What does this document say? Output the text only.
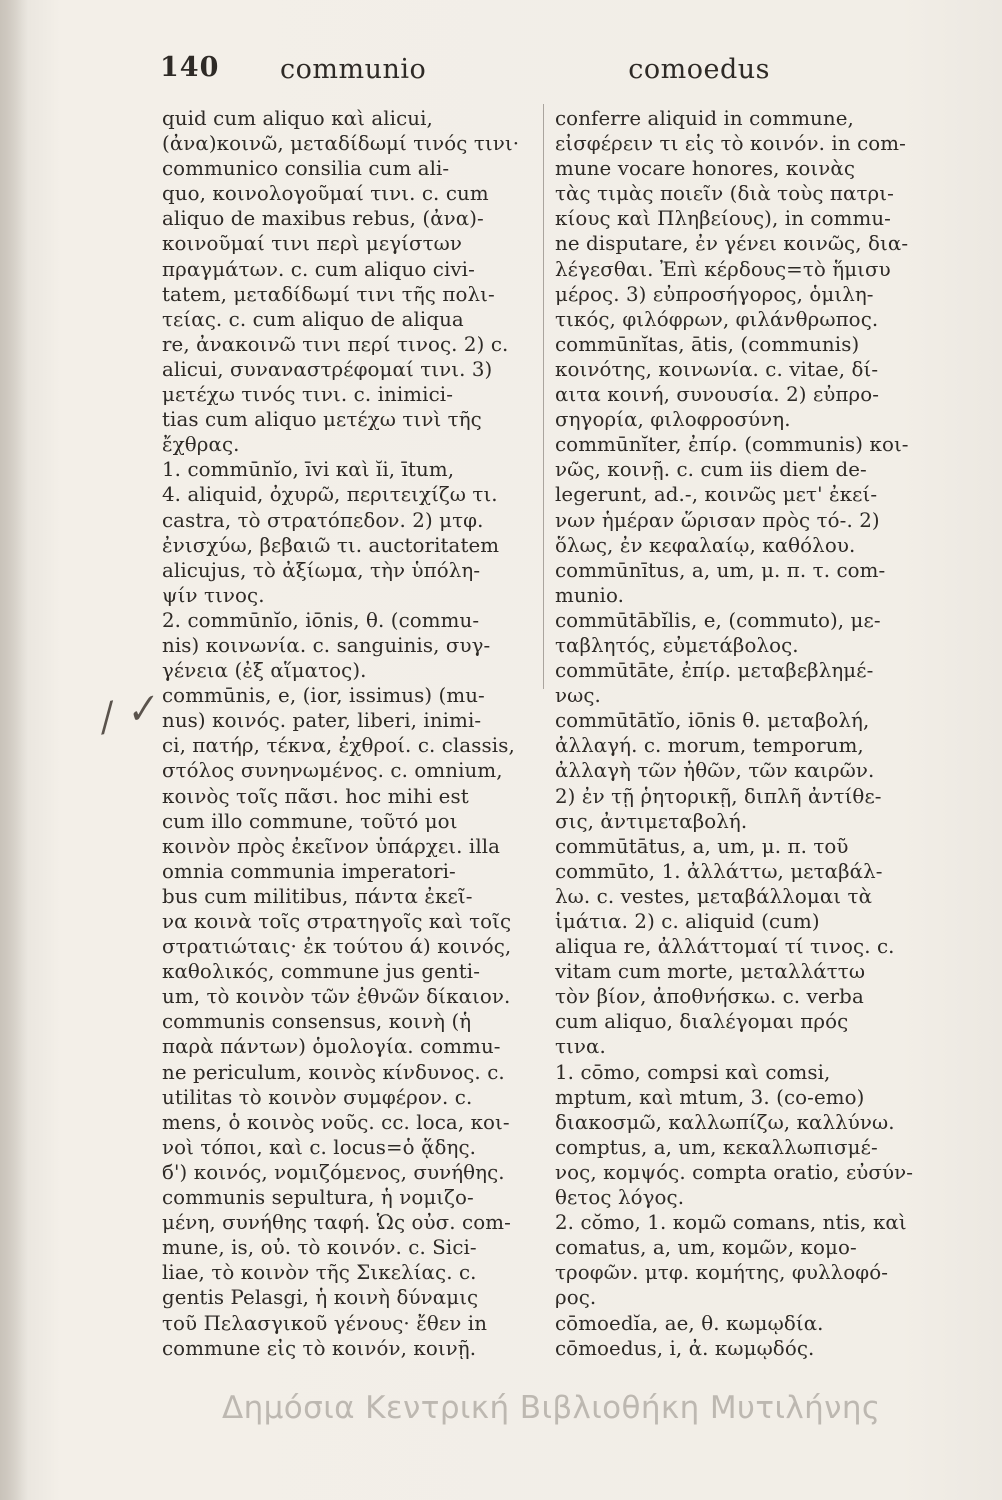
140 communio	comoedus
/ ✓
quid cum aliquo καὶ alicui,
(ἀνα)κοινῶ, μεταδίδωμί τινός τινι·
communico consilia cum ali-
quo, κοινολογοῦμαί τινι. c. cum
aliquo de maxibus rebus, (ἀνα)-
κοινοῦμαί τινι περὶ μεγίστων
πραγμάτων. c. cum aliquo civi-
tatem, μεταδίδωμί τινι τῆς πολι-
τείας. c. cum aliquo de aliqua
re, ἀνακοινῶ τινι περί τινος. 2) c.
alicui, συναναστρέφομαί τινι. 3)
μετέχω τινός τινι. c. inimici-
tias cum aliquo μετέχω τινὶ τῆς
ἔχθρας.
1. commūnĭo, īvi καὶ ĭi, ītum,
4. aliquid, ὀχυρῶ, περιτειχίζω τι.
castra, τὸ στρατόπεδον. 2) μτφ.
ἐνισχύω, βεβαιῶ τι. auctoritatem
alicujus, τὸ ἀξίωμα, τὴν ὑπόλη-
ψίν τινος.
2. commūnĭo, iōnis, θ. (commu-
nis) κοινωνία. c. sanguinis, συγ-
γένεια (ἐξ αἵματος).
commūnis, e, (ior, issimus) (mu-
nus) κοινός. pater, liberi, inimi-
ci, πατήρ, τέκνα, ἐχθροί. c. classis,
στόλος συνηνωμένος. c. omnium,
κοινὸς τοῖς πᾶσι. hoc mihi est
cum illo commune, τοῦτό μοι
κοινὸν πρὸς ἐκεῖνον ὑπάρχει. illa
omnia communia imperatori-
bus cum militibus, πάντα ἐκεῖ-
να κοινὰ τοῖς στρατηγοῖς καὶ τοῖς
στρατιώταις· ἐκ τούτου ά) κοινός,
καθολικός, commune jus genti-
um, τὸ κοινὸν τῶν ἐθνῶν δίκαιον.
communis consensus, κοινὴ (ἡ
παρὰ πάντων) ὁμολογία. commu-
ne periculum, κοινὸς κίνδυνος. c.
utilitas τὸ κοινὸν συμφέρον. c.
mens, ὁ κοινὸς νοῦς. cc. loca, κοι-
νοὶ τόποι, καὶ c. locus=ὁ ᾅδης.
б') κοινός, νομιζόμενος, συνήθης.
communis sepultura, ἡ νομιζο-
μένη, συνήθης ταφή. Ὡς οὐσ. com-
mune, is, οὐ. τὸ κοινόν. c. Sici-
liae, τὸ κοινὸν τῆς Σικελίας. c.
gentis Pelasgi, ἡ κοινὴ δύναμις
τοῦ Πελασγικοῦ γένους· ἔθεν in
commune εἰς τὸ κοινόν, κοινῇ.
conferre aliquid in commune,
εἰσφέρειν τι εἰς τὸ κοινόν. in com-
mune vocare honores, κοινὰς
τὰς τιμὰς ποιεῖν (διὰ τοὺς πατρι-
κίους καὶ Πληβείους), in commu-
ne disputare, ἐν γένει κοινῶς, δια-
λέγεσθαι. Ἐπὶ κέρδους=τὸ ἥμισυ
μέρος. 3) εὐπροσήγορος, ὁμιλη-
τικός, φιλόφρων, φιλάνθρωπος.
commūnĭtas, ātis, (communis)
κοινότης, κοινωνία. c. vitae, δί-
αιτα κοινή, συνουσία. 2) εὐπρο-
σηγορία, φιλοφροσύνη.
commūnĭter, ἐπίρ. (communis) κοι-
νῶς, κοινῇ. c. cum iis diem de-
legerunt, ad.-, κοινῶς μετ' ἐκεί-
νων ἡμέραν ὥρισαν πρὸς τό-. 2)
ὅλως, ἐν κεφαλαίῳ, καθόλου.
commūnītus, a, um, μ. π. τ. com-
munio.
commūtābĭlis, e, (commuto), με-
ταβλητός, εὐμετάβολος.
commūtāte, ἐπίρ. μεταβεβλημέ-
νως.
commūtātĭo, iōnis θ. μεταβολή,
ἀλλαγή. c. morum, temporum,
ἀλλαγὴ τῶν ἠθῶν, τῶν καιρῶν.
2) ἐν τῇ ῥητορικῇ, διπλῆ ἀντίθε-
σις, ἀντιμεταβολή.
commūtātus, a, um, μ. π. τοῦ
commūto, 1. ἀλλάττω, μεταβάλ-
λω. c. vestes, μεταβάλλομαι τὰ
ἱμάτια. 2) c. aliquid (cum)
aliqua re, ἀλλάττομαί τί τινος. c.
vitam cum morte, μεταλλάττω
τὸν βίον, ἀποθνήσκω. c. verba
cum aliquo, διαλέγομαι πρός
τινα.
1. cōmo, compsi καὶ comsi,
mptum, καὶ mtum, 3. (co-emo)
διακοσμῶ, καλλωπίζω, καλλύνω.
comptus, a, um, κεκαλλωπισμέ-
νος, κομψός. compta oratio, εὐσύν-
θετος λόγος.
2. cŏmo, 1. κομῶ comans, ntis, καὶ
comatus, a, um, κομῶν, κομο-
τροφῶν. μτφ. κομήτης, φυλλοφό-
ρος.
cōmoedĭa, ae, θ. κωμῳδία.
cōmoedus, i, ἀ. κωμῳδός.
Δημόσια Κεντρική Βιβλιοθήκη Μυτιλήνης
